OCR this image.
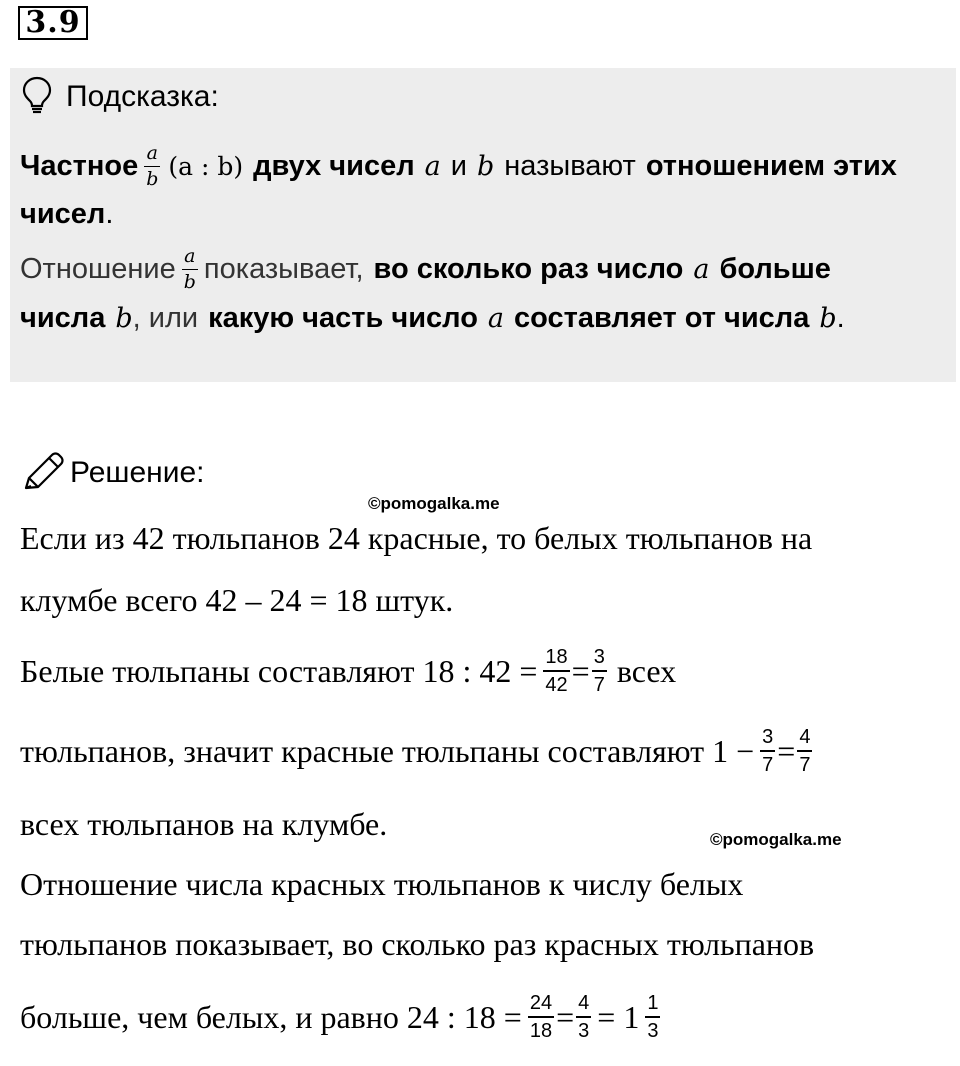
3.9
Подсказка:
Частное $\frac{a}{b} (a$ : b) двух чисел a и b называют отношением этих
чисел.
Отношение $\frac{a}{b}$ показывает, во сколько раз число a больше
числа b , или какую часть число a составляет от числа b .
Решение:
©pomogalka.me
Если из 42 тюльпанов 24 красные, то белых тюльпанов на
клумбе всего 42 – 24 = 18 штук.
Белые тюльпаны составляют 18 : $42 = \frac{18}{42} = \frac{3}{7}$ всех
тюльпанов, значит красные тюльпаны составляют $1 - \frac{3}{7} = \frac{4}{7}$
всех тюльпанов на клумбе.	©pomogalka.me
Отношение числа красных тюльпанов к числу белых
тюльпанов показывает, во сколько раз красных тюльпанов
больше, чем белых, и равно 24 : $18 = \frac{24}{18} = \frac{4}{3} = 1 \frac{1}{3}$
